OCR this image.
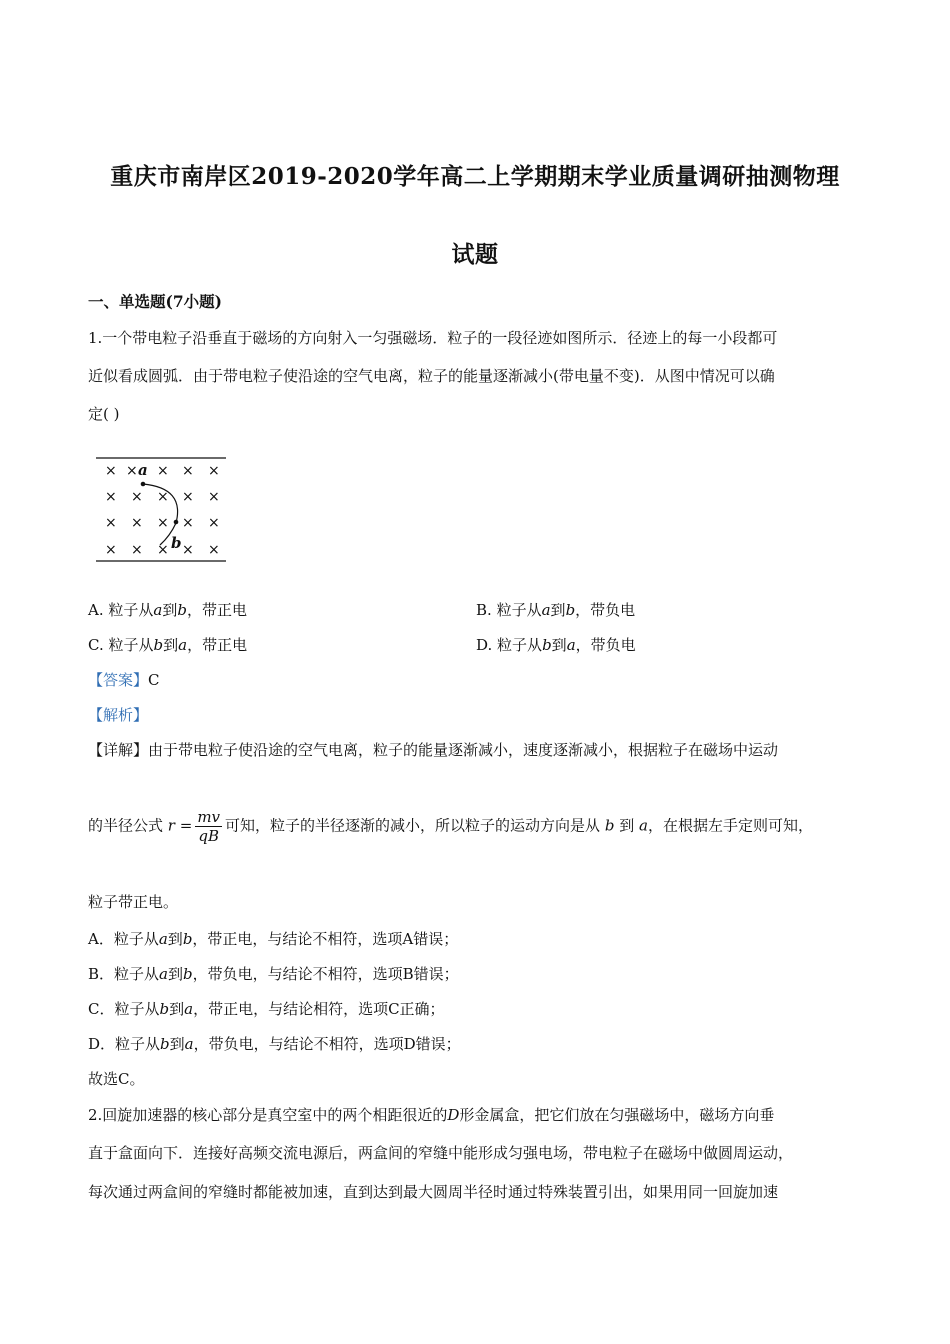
重庆市南岸区2019-2020学年高二上学期期末学业质量调研抽测物理
试题
一、单选题(7小题)
1.一个带电粒子沿垂直于磁场的方向射入一匀强磁场．粒子的一段径迹如图所示．径迹上的每一小段都可
近似看成圆弧．由于带电粒子使沿途的空气电离，粒子的能量逐渐减小(带电量不变)．从图中情况可以确
定( )
×	× × ×
× × × × ×
× × × × ×
× × × × ×
× a
b
A. 粒子从a到b，带正电	B. 粒子从a到b，带负电
C. 粒子从b到a，带正电	D. 粒子从b到a，带负电
【答案】C
【解析】
【详解】由于带电粒子使沿途的空气电离，粒子的能量逐渐减小，速度逐渐减小，根据粒子在磁场中运动
的半径公式 $r = \frac{mv}{qB}$ 可知，粒子的半径逐渐的减小，所以粒子的运动方向是从 b 到 a，在根据左手定则可知，
粒子带正电。
A．粒子从a到b，带正电，与结论不相符，选项A错误；
B．粒子从a到b，带负电，与结论不相符，选项B错误；
C．粒子从b到a，带正电，与结论相符，选项C正确；
D．粒子从b到a，带负电，与结论不相符，选项D错误；
故选C。
2.回旋加速器的核心部分是真空室中的两个相距很近的D形金属盒，把它们放在匀强磁场中，磁场方向垂
直于盒面向下．连接好高频交流电源后，两盒间的窄缝中能形成匀强电场，带电粒子在磁场中做圆周运动，
每次通过两盒间的窄缝时都能被加速，直到达到最大圆周半径时通过特殊装置引出，如果用同一回旋加速
